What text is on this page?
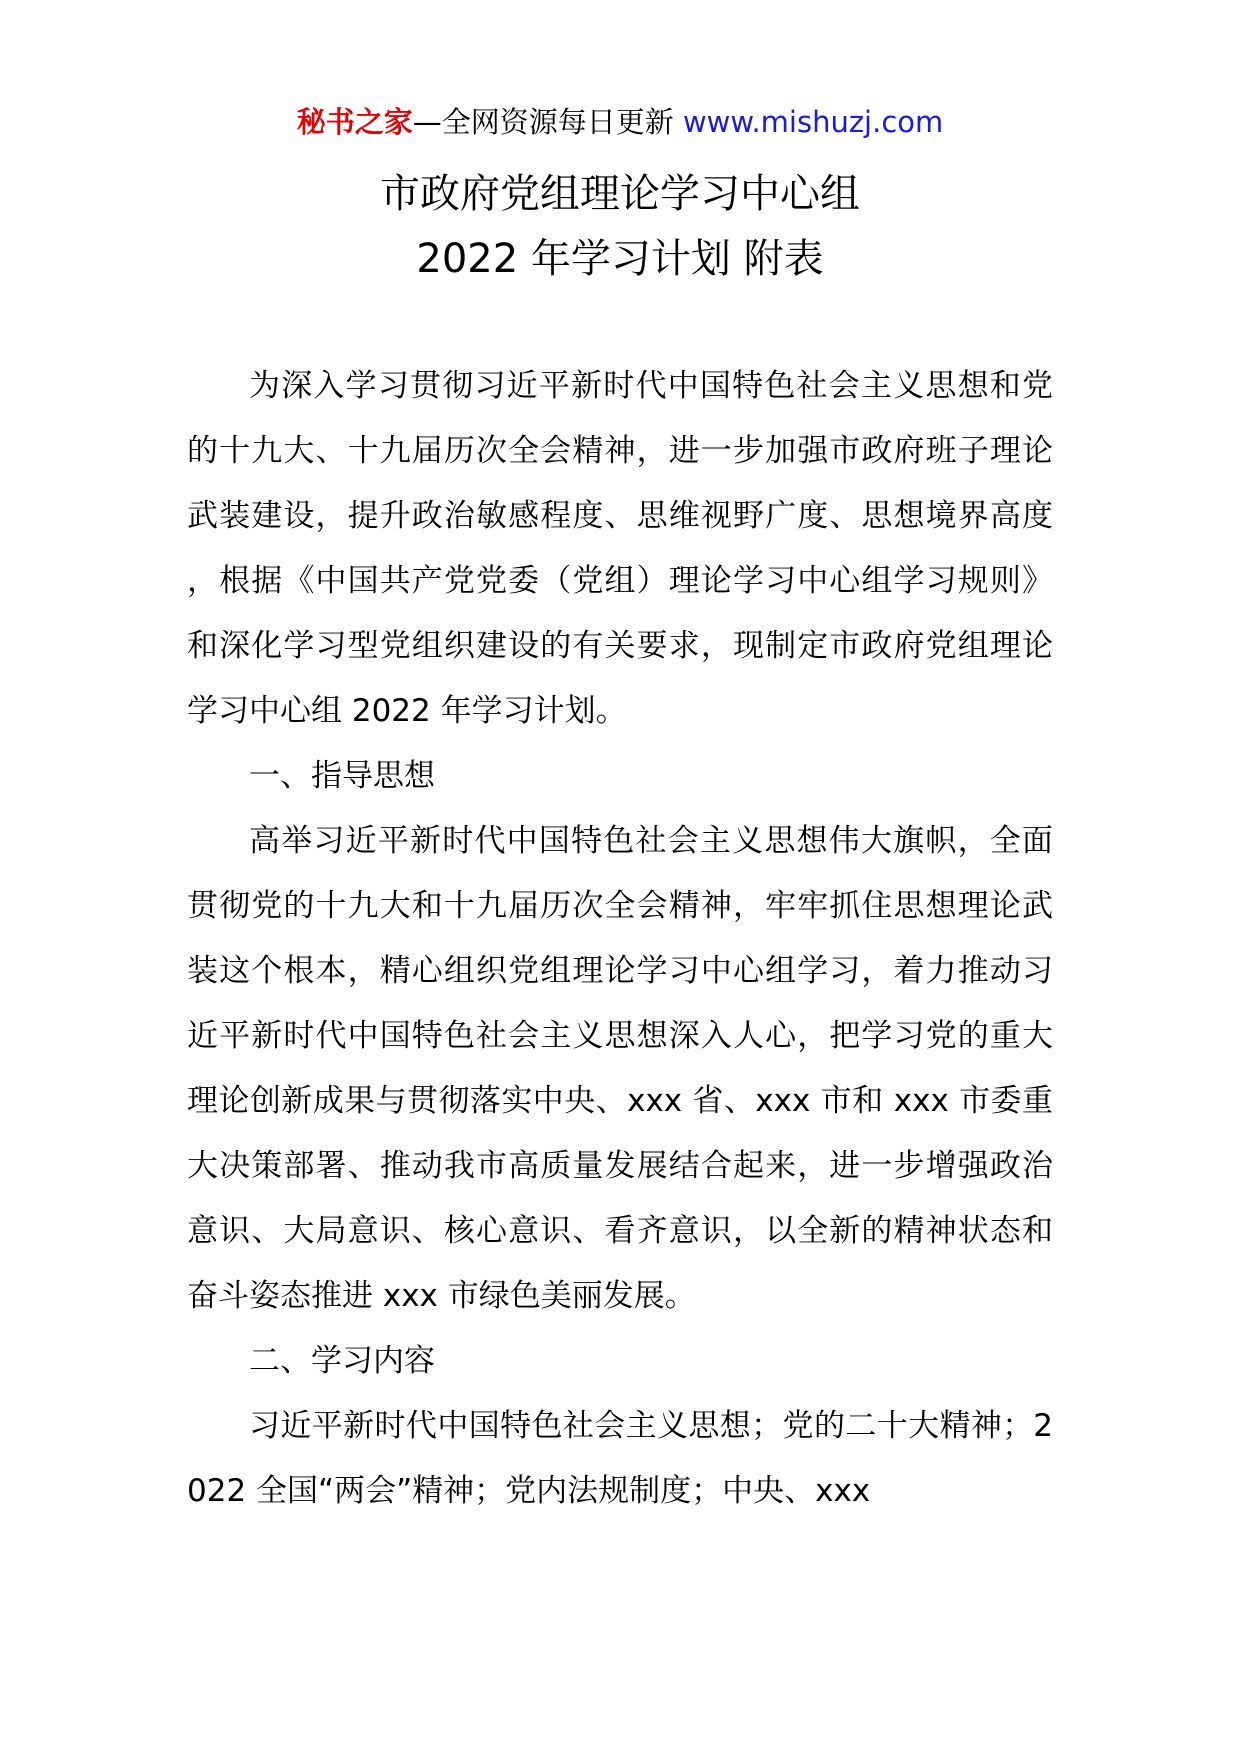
秘书之家—全网资源每日更新 www.mishuzj.com
市政府党组理论学习中心组
2022 年学习计划 附表

为深入学习贯彻习近平新时代中国特色社会主义思想和党的十九大、十九届历次全会精神，进一步加强市政府班子理论武装建设，提升政治敏感程度、思维视野广度、思想境界高度，根据《中国共产党党委（党组）理论学习中心组学习规则》和深化学习型党组织建设的有关要求，现制定市政府党组理论学习中心组 2022 年学习计划。

一、指导思想

高举习近平新时代中国特色社会主义思想伟大旗帜，全面贯彻党的十九大和十九届历次全会精神，牢牢抓住思想理论武装这个根本，精心组织党组理论学习中心组学习，着力推动习近平新时代中国特色社会主义思想深入人心，把学习党的重大理论创新成果与贯彻落实中央、xxx 省、xxx 市和 xxx 市委重大决策部署、推动我市高质量发展结合起来，进一步增强政治意识、大局意识、核心意识、看齐意识，以全新的精神状态和奋斗姿态推进 xxx 市绿色美丽发展。

二、学习内容

习近平新时代中国特色社会主义思想；党的二十大精神；2022 全国“两会”精神；党内法规制度；中央、xxx
